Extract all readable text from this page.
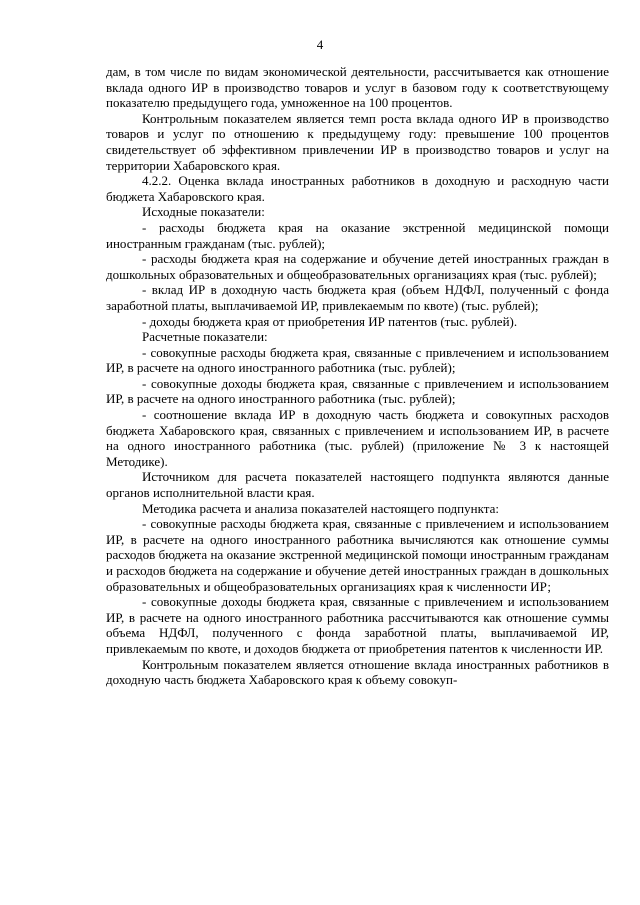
4

дам, в том числе по видам экономической деятельности, рассчитывается как отношение вклада одного ИР в производство товаров и услуг в базовом году к соответствующему показателю предыдущего года, умноженное на 100 процентов.

Контрольным показателем является темп роста вклада одного ИР в производство товаров и услуг по отношению к предыдущему году: превышение 100 процентов свидетельствует об эффективном привлечении ИР в производство товаров и услуг на территории Хабаровского края.

4.2.2. Оценка вклада иностранных работников в доходную и расходную части бюджета Хабаровского края.

Исходные показатели:

- расходы бюджета края на оказание экстренной медицинской помощи иностранным гражданам (тыс. рублей);

- расходы бюджета края на содержание и обучение детей иностранных граждан в дошкольных образовательных и общеобразовательных организациях края (тыс. рублей);

- вклад ИР в доходную часть бюджета края (объем НДФЛ, полученный с фонда заработной платы, выплачиваемой ИР, привлекаемым по квоте) (тыс. рублей);

- доходы бюджета края от приобретения ИР патентов (тыс. рублей).

Расчетные показатели:

- совокупные расходы бюджета края, связанные с привлечением и использованием ИР, в расчете на одного иностранного работника (тыс. рублей);

- совокупные доходы бюджета края, связанные с привлечением и использованием ИР, в расчете на одного иностранного работника (тыс. рублей);

- соотношение вклада ИР в доходную часть бюджета и совокупных расходов бюджета Хабаровского края, связанных с привлечением и использованием ИР, в расчете на одного иностранного работника (тыс. рублей) (приложение № 3 к настоящей Методике).

Источником для расчета показателей настоящего подпункта являются данные органов исполнительной власти края.

Методика расчета и анализа показателей настоящего подпункта:

- совокупные расходы бюджета края, связанные с привлечением и использованием ИР, в расчете на одного иностранного работника вычисляются как отношение суммы расходов бюджета на оказание экстренной медицинской помощи иностранным гражданам и расходов бюджета на содержание и обучение детей иностранных граждан в дошкольных образовательных и общеобразовательных организациях края к численности ИР;

- совокупные доходы бюджета края, связанные с привлечением и использованием ИР, в расчете на одного иностранного работника рассчитываются как отношение суммы объема НДФЛ, полученного с фонда заработной платы, выплачиваемой ИР, привлекаемым по квоте, и доходов бюджета от приобретения патентов к численности ИР.

Контрольным показателем является отношение вклада иностранных работников в доходную часть бюджета Хабаровского края к объему совокуп-
